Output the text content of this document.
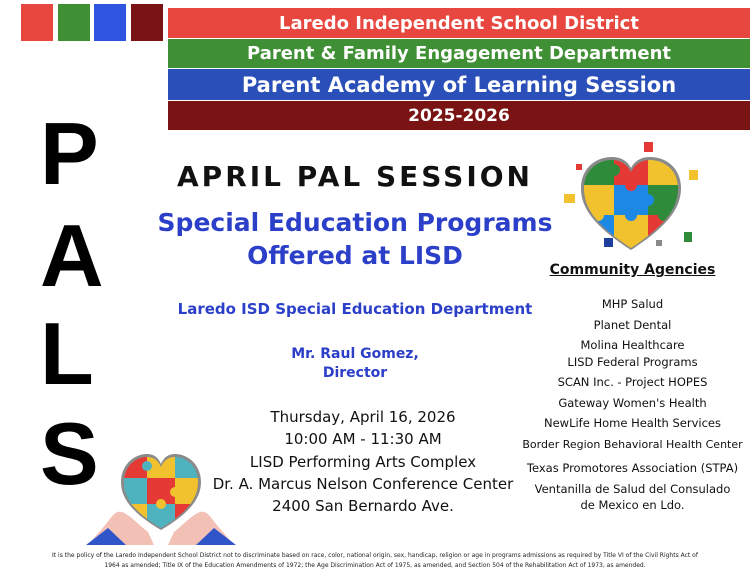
Laredo Independent School District
Parent & Family Engagement Department
Parent Academy of Learning Session
2025-2026
P
A
L
S
APRIL PAL SESSION
Special Education Programs
Offered at LISD
Laredo ISD Special Education Department
Mr. Raul Gomez,
Director
Thursday, April 16, 2026
10:00 AM - 11:30 AM
LISD Performing Arts Complex
Dr. A. Marcus Nelson Conference Center
2400 San Bernardo Ave.
Community Agencies
MHP Salud
Planet Dental
Molina Healthcare
LISD Federal Programs
SCAN Inc. - Project HOPES
Gateway Women's Health
NewLife Home Health Services
Border Region Behavioral Health Center
Texas Promotores Association (STPA)
Ventanilla de Salud del Consulado
de Mexico en Ldo.
It is the policy of the Laredo Independent School District not to discriminate based on race, color, national origin, sex, handicap, religion or age in programs admissions as required by Title VI of the Civil Rights Act of
1964 as amended; Title IX of the Education Amendments of 1972; the Age Discrimination Act of 1975, as amended, and Section 504 of the Rehabilitation Act of 1973, as amended.
